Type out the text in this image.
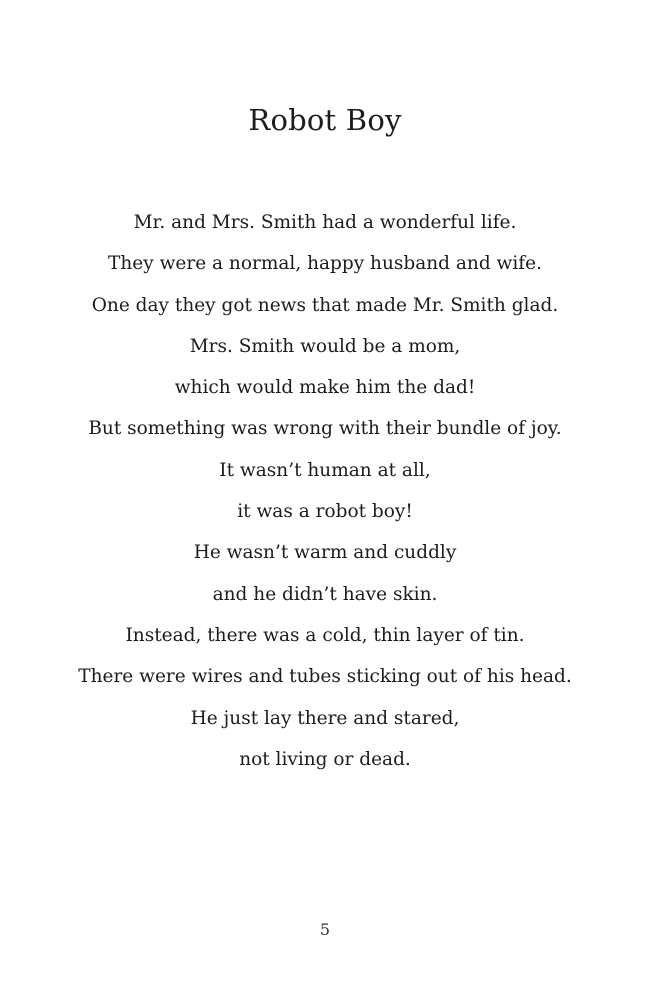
Robot Boy
Mr. and Mrs. Smith had a wonderful life.
They were a normal, happy husband and wife.
One day they got news that made Mr. Smith glad.
Mrs. Smith would be a mom,
which would make him the dad!
But something was wrong with their bundle of joy.
It wasn’t human at all,
it was a robot boy!
He wasn’t warm and cuddly
and he didn’t have skin.
Instead, there was a cold, thin layer of tin.
There were wires and tubes sticking out of his head.
He just lay there and stared,
not living or dead.
5
